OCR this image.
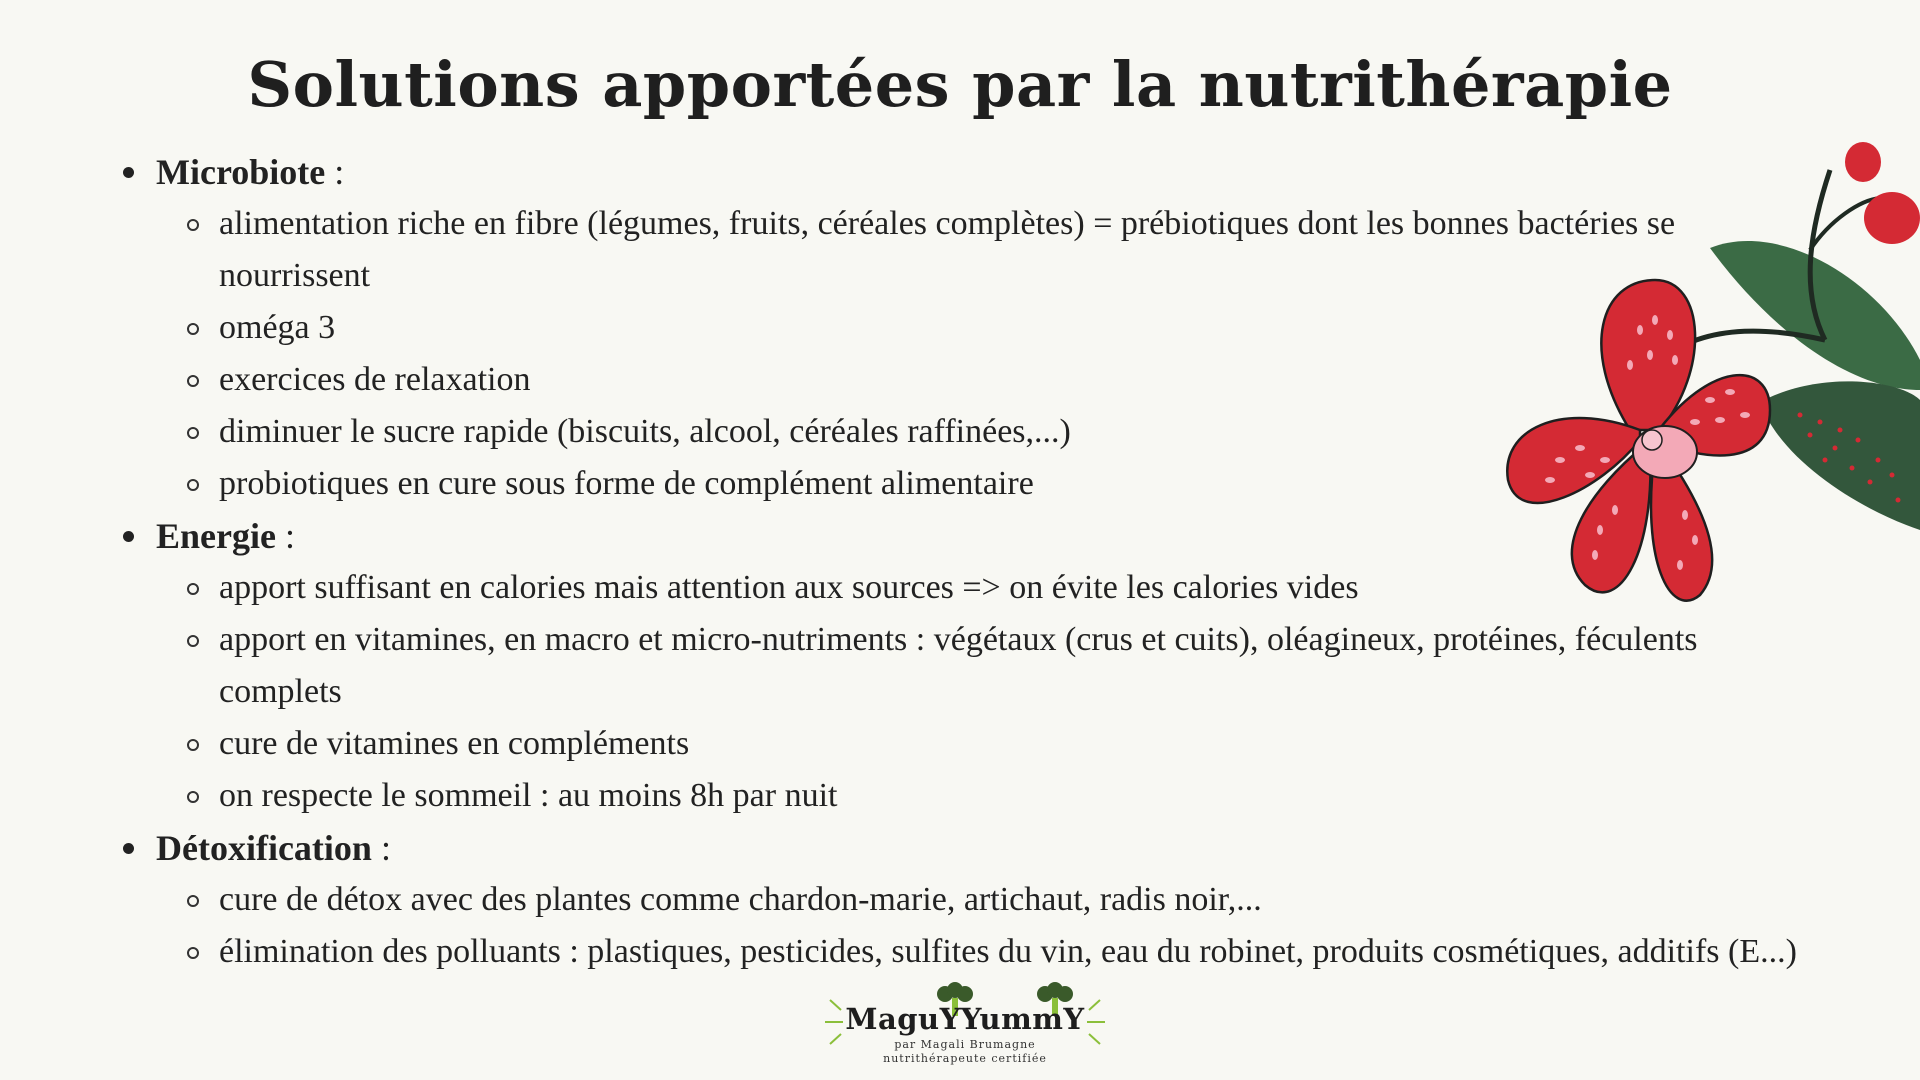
Solutions apportées par la nutrithérapie
Microbiote :
alimentation riche en fibre (légumes, fruits, céréales complètes) = prébiotiques dont les bonnes bactéries se nourrissent
oméga 3
exercices de relaxation
diminuer le sucre rapide (biscuits, alcool, céréales raffinées,...)
probiotiques en cure sous forme de complément alimentaire
Energie :
apport suffisant en calories mais attention aux sources => on évite les calories vides
apport en vitamines, en macro et micro-nutriments : végétaux (crus et cuits), oléagineux, protéines, féculents complets
cure de vitamines en compléments
on respecte le sommeil : au moins 8h par nuit
Détoxification :
cure de détox avec des plantes comme chardon-marie, artichaut, radis noir,...
élimination des polluants : plastiques, pesticides, sulfites du vin, eau du robinet, produits cosmétiques, additifs (E...)
MaguYYummY
par Magali Brumagne
nutrithérapeute certifiée
